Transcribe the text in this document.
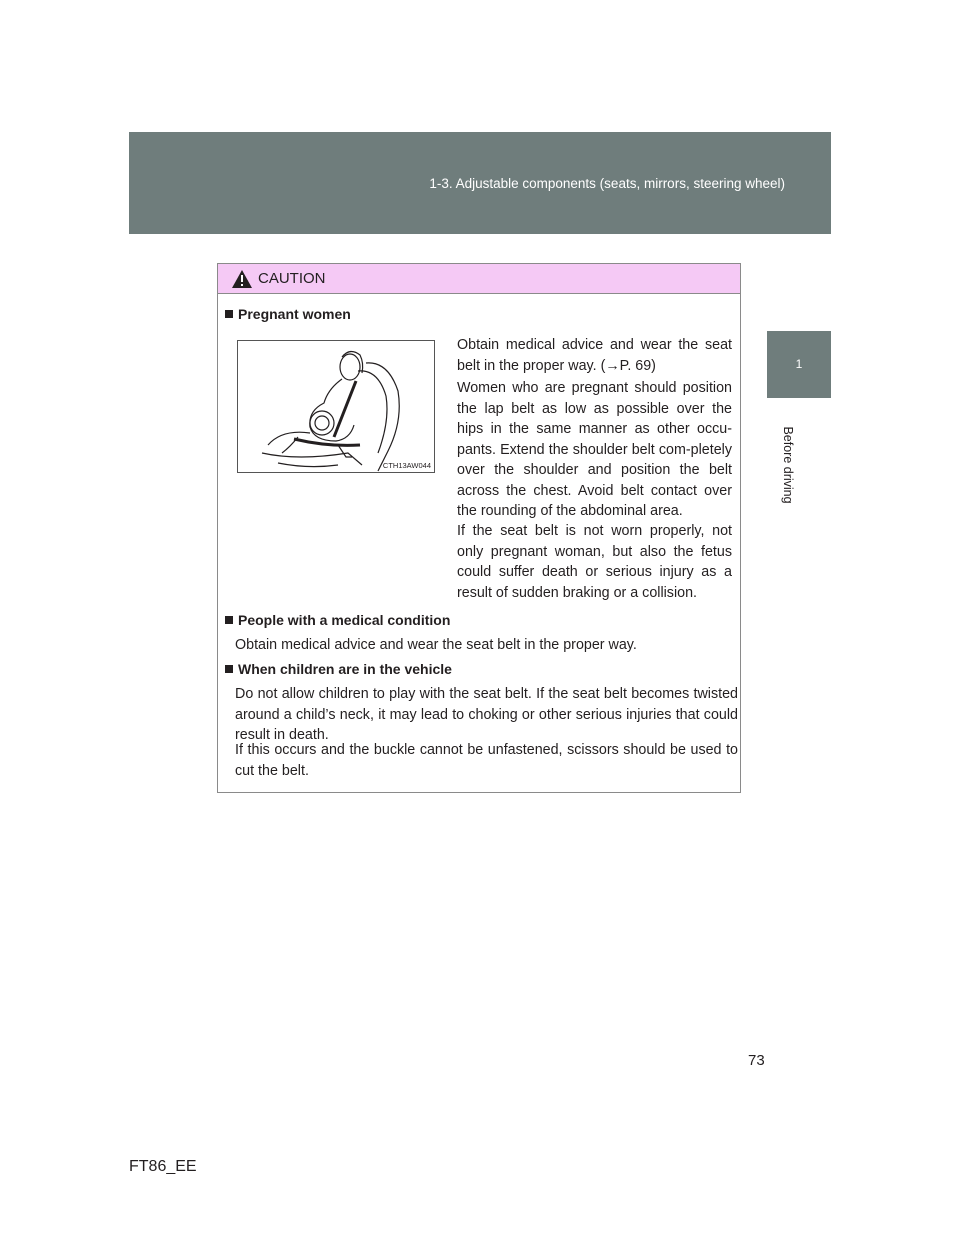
1-3. Adjustable components (seats, mirrors, steering wheel)
1
Before driving
CAUTION
Pregnant women
CTH13AW044
Obtain medical advice and wear the seat belt in the proper way. (→P. 69)
Women who are pregnant should position the lap belt as low as possible over the hips in the same manner as other occu-pants. Extend the shoulder belt com-pletely over the shoulder and position the belt across the chest. Avoid belt contact over the rounding of the abdominal area.
If the seat belt is not worn properly, not only pregnant woman, but also the fetus could suffer death or serious injury as a result of sudden braking or a collision.
People with a medical condition
Obtain medical advice and wear the seat belt in the proper way.
When children are in the vehicle
Do not allow children to play with the seat belt. If the seat belt becomes twisted around a child’s neck, it may lead to choking or other serious injuries that could result in death.
If this occurs and the buckle cannot be unfastened, scissors should be used to cut the belt.
73
FT86_EE
